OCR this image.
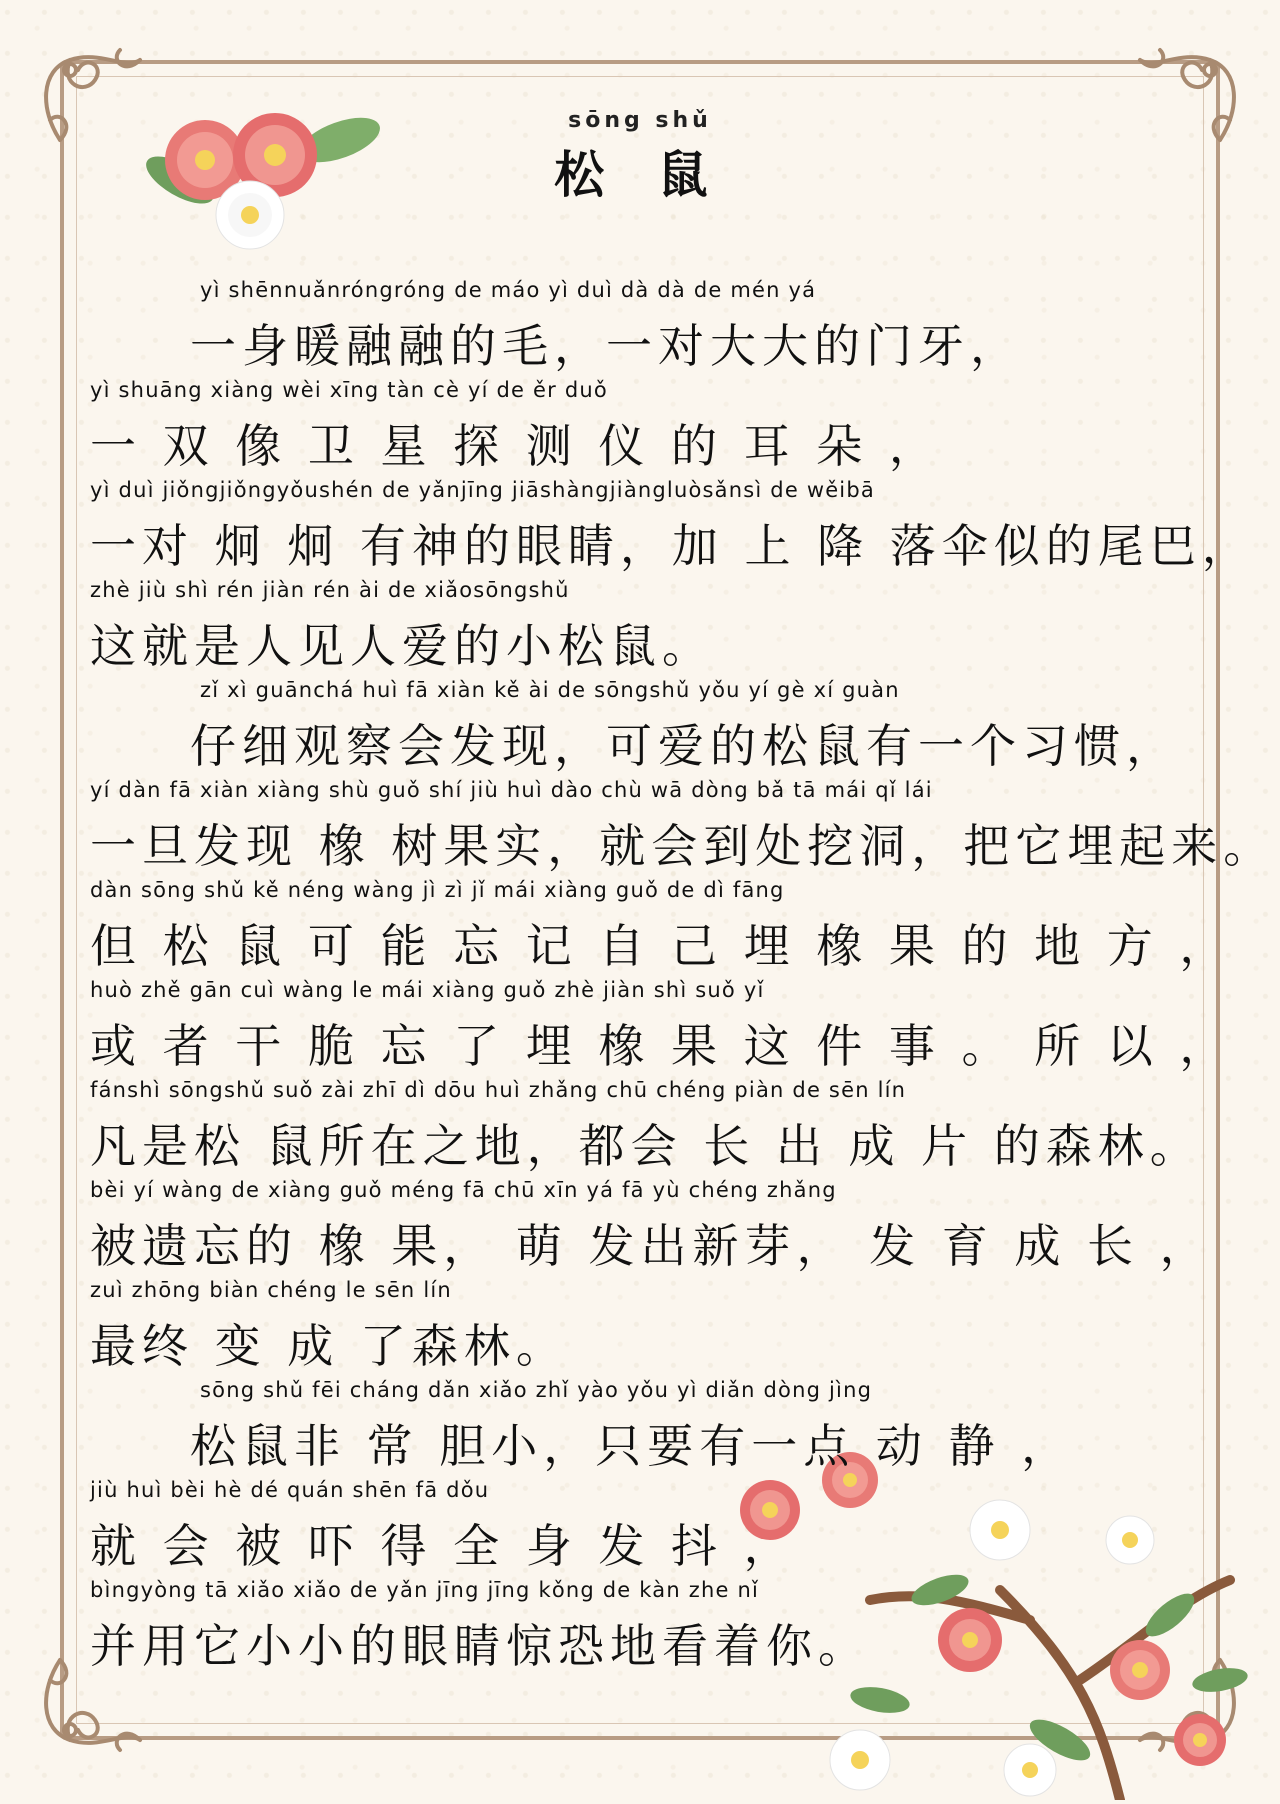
sōng shǔ
松 鼠
yì shēnnuǎnróngróng de máo yì duì dà dà de mén yá
一身暖融融的毛，一对大大的门牙，
yì shuāng xiàng wèi xīng tàn cè yí de ěr duǒ
一 双 像 卫 星 探 测 仪 的 耳 朵 ，
yì duì jiǒngjiǒngyǒushén de yǎnjīng jiāshàngjiàngluòsǎnsì de wěibā
一对 炯 炯 有神的眼睛，加 上 降 落伞似的尾巴，
zhè jiù shì rén jiàn rén ài de xiǎosōngshǔ
这就是人见人爱的小松鼠。
zǐ xì guānchá huì fā xiàn kě ài de sōngshǔ yǒu yí gè xí guàn
仔细观察会发现，可爱的松鼠有一个习惯，
yí dàn fā xiàn xiàng shù guǒ shí jiù huì dào chù wā dòng bǎ tā mái qǐ lái
一旦发现 橡 树果实，就会到处挖洞，把它埋起来。
dàn sōng shǔ kě néng wàng jì zì jǐ mái xiàng guǒ de dì fāng
但 松 鼠 可 能 忘 记 自 己 埋 橡 果 的 地 方 ，
huò zhě gān cuì wàng le mái xiàng guǒ zhè jiàn shì suǒ yǐ
或 者 干 脆 忘 了 埋 橡 果 这 件 事 。 所 以 ，
fánshì sōngshǔ suǒ zài zhī dì dōu huì zhǎng chū chéng piàn de sēn lín
凡是松 鼠所在之地，都会 长 出 成 片 的森林。
bèi yí wàng de xiàng guǒ méng fā chū xīn yá fā yù chéng zhǎng
被遗忘的 橡 果， 萌 发出新芽， 发 育 成 长 ，
zuì zhōng biàn chéng le sēn lín
最终 变 成 了森林。
sōng shǔ fēi cháng dǎn xiǎo zhǐ yào yǒu yì diǎn dòng jìng
松鼠非 常 胆小，只要有一点 动 静 ，
jiù huì bèi hè dé quán shēn fā dǒu
就 会 被 吓 得 全 身 发 抖 ，
bìngyòng tā xiǎo xiǎo de yǎn jīng jīng kǒng de kàn zhe nǐ
并用它小小的眼睛惊恐地看着你。
